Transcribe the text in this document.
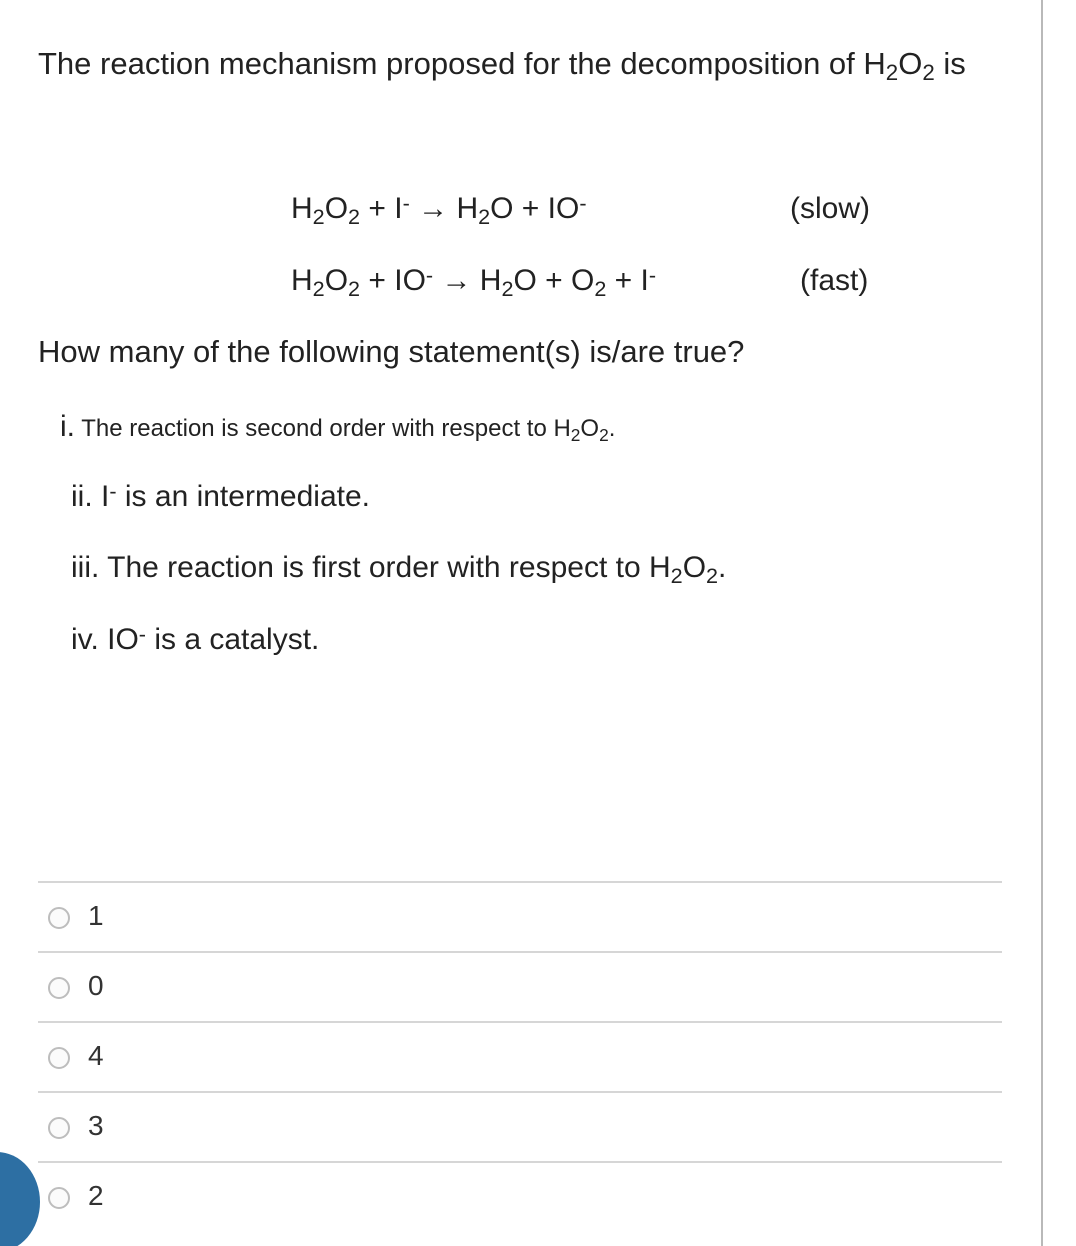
The reaction mechanism proposed for the decomposition of $H_2O_2$ is
$H_2O_2 + I^- \to H_2O + IO^-$	(slow)
$H_2O_2 + IO^- \to H_2O + O_2 + I^-$	(fast)
How many of the following statement(s) is/are true?
i. The reaction is second order with respect to $H_2O_2$.
ii. I- is an intermediate.
iii. The reaction is first order with respect to $H_2O_2$.
iv. IO- is a catalyst.
1
0
4
3
2
